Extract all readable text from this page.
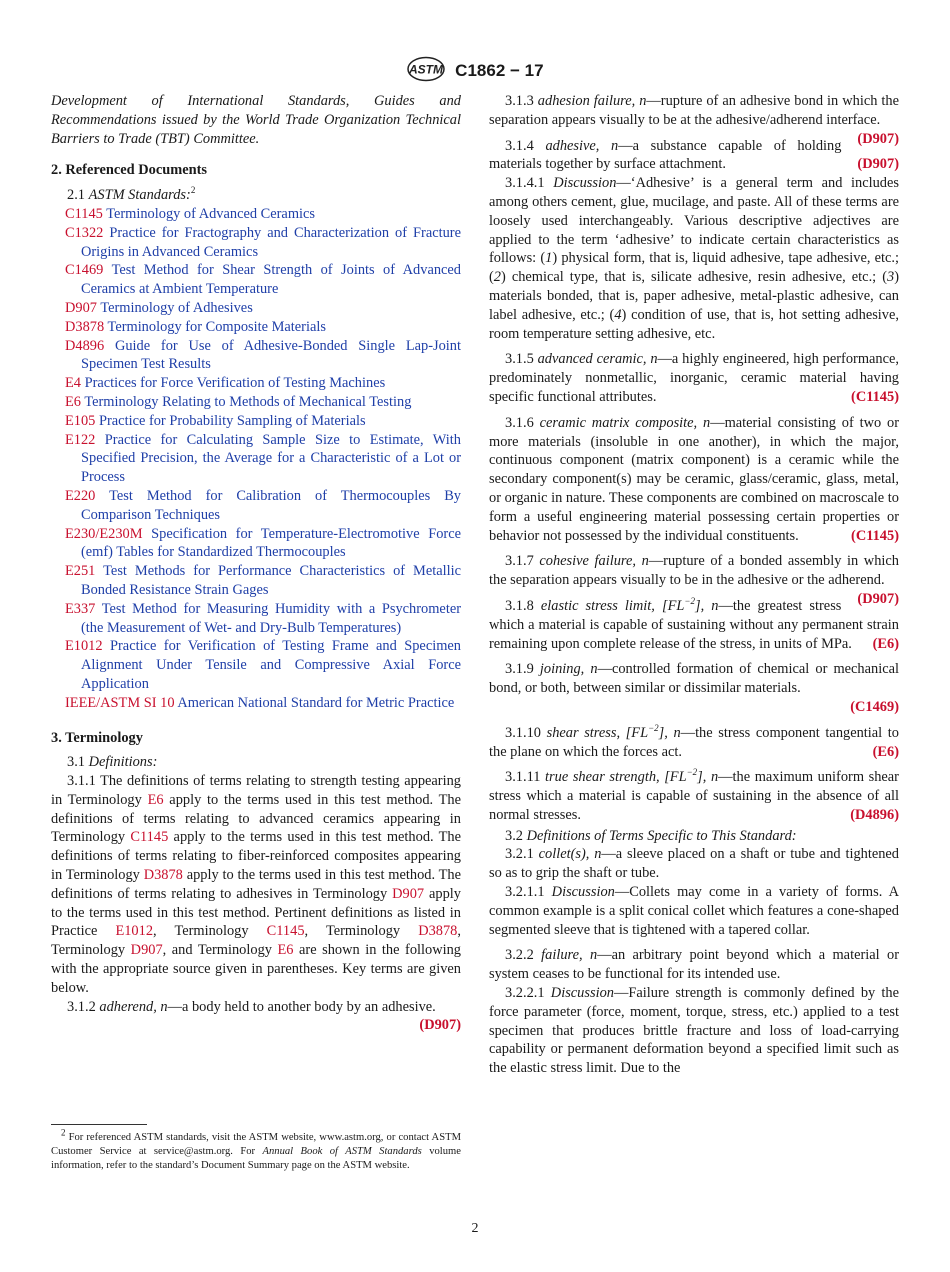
ASTM C1862 − 17

Development of International Standards, Guides and Recommendations issued by the World Trade Organization Technical Barriers to Trade (TBT) Committee.

2. Referenced Documents

2.1 ASTM Standards:$^2$

C1145 Terminology of Advanced Ceramics

C1322 Practice for Fractography and Characterization of Fracture Origins in Advanced Ceramics

C1469 Test Method for Shear Strength of Joints of Advanced Ceramics at Ambient Temperature

D907 Terminology of Adhesives

D3878 Terminology for Composite Materials

D4896 Guide for Use of Adhesive-Bonded Single Lap-Joint Specimen Test Results

E4 Practices for Force Verification of Testing Machines

E6 Terminology Relating to Methods of Mechanical Testing

E105 Practice for Probability Sampling of Materials

E122 Practice for Calculating Sample Size to Estimate, With Specified Precision, the Average for a Characteristic of a Lot or Process

E220 Test Method for Calibration of Thermocouples By Comparison Techniques

E230/E230M Specification for Temperature-Electromotive Force (emf) Tables for Standardized Thermocouples

E251 Test Methods for Performance Characteristics of Metallic Bonded Resistance Strain Gages

E337 Test Method for Measuring Humidity with a Psychrometer (the Measurement of Wet- and Dry-Bulb Temperatures)

E1012 Practice for Verification of Testing Frame and Specimen Alignment Under Tensile and Compressive Axial Force Application

IEEE/ASTM SI 10 American National Standard for Metric Practice

3. Terminology

3.1 Definitions:

3.1.1 The definitions of terms relating to strength testing appearing in Terminology E6 apply to the terms used in this test method. The definitions of terms relating to advanced ceramics appearing in Terminology C1145 apply to the terms used in this test method. The definitions of terms relating to fiber-reinforced composites appearing in Terminology D3878 apply to the terms used in this test method. The definitions of terms relating to adhesives in Terminology D907 apply to the terms used in this test method. Pertinent definitions as listed in Practice E1012, Terminology C1145, Terminology D3878, Terminology D907, and Terminology E6 are shown in the following with the appropriate source given in parentheses. Key terms are given below.

3.1.2 adherend, n—a body held to another body by an adhesive.
(D907)

$^2$ For referenced ASTM standards, visit the ASTM website, www.astm.org, or contact ASTM Customer Service at service@astm.org. For Annual Book of ASTM Standards volume information, refer to the standard’s Document Summary page on the ASTM website.

3.1.3 adhesion failure, n—rupture of an adhesive bond in which the separation appears visually to be at the adhesive/adherend interface.
(D907)

3.1.4 adhesive, n—a substance capable of holding materials together by surface attachment.	(D907)

3.1.4.1 Discussion—‘Adhesive’ is a general term and includes among others cement, glue, mucilage, and paste. All of these terms are loosely used interchangeably. Various descriptive adjectives are applied to the term ‘adhesive’ to indicate certain characteristics as follows: (1) physical form, that is, liquid adhesive, tape adhesive, etc.; (2) chemical type, that is, silicate adhesive, resin adhesive, etc.; (3) materials bonded, that is, paper adhesive, metal-plastic adhesive, can label adhesive, etc.; (4) condition of use, that is, hot setting adhesive, room temperature setting adhesive, etc.

3.1.5 advanced ceramic, n—a highly engineered, high performance, predominately nonmetallic, inorganic, ceramic material having specific functional attributes.	(C1145)

3.1.6 ceramic matrix composite, n—material consisting of two or more materials (insoluble in one another), in which the major, continuous component (matrix component) is a ceramic while the secondary component(s) may be ceramic, glass/ceramic, glass, metal, or organic in nature. These components are combined on macroscale to form a useful engineering material possessing certain properties or behavior not possessed by the individual constituents.	(C1145)

3.1.7 cohesive failure, n—rupture of a bonded assembly in which the separation appears visually to be in the adhesive or the adherend.
(D907)

3.1.8 elastic stress limit, $[FL^{-2}]$, n—the greatest stress which a material is capable of sustaining without any permanent strain remaining upon complete release of the stress, in units of MPa.	(E6)

3.1.9 joining, n—controlled formation of chemical or mechanical bond, or both, between similar or dissimilar materials.
(C1469)

3.1.10 shear stress, $[FL^{-2}]$, n—the stress component tangential to the plane on which the forces act.	(E6)

3.1.11 true shear strength, $[FL^{-2}]$, n—the maximum uniform shear stress which a material is capable of sustaining in the absence of all normal stresses.	(D4896)

3.2 Definitions of Terms Specific to This Standard:

3.2.1 collet(s), n—a sleeve placed on a shaft or tube and tightened so as to grip the shaft or tube.

3.2.1.1 Discussion—Collets may come in a variety of forms. A common example is a split conical collet which features a cone-shaped segmented sleeve that is tightened with a tapered collar.

3.2.2 failure, n—an arbitrary point beyond which a material or system ceases to be functional for its intended use.

3.2.2.1 Discussion—Failure strength is commonly defined by the force parameter (force, moment, torque, stress, etc.) applied to a test specimen that produces brittle fracture and loss of load-carrying capability or permanent deformation beyond a specified limit such as the elastic stress limit. Due to the

2
